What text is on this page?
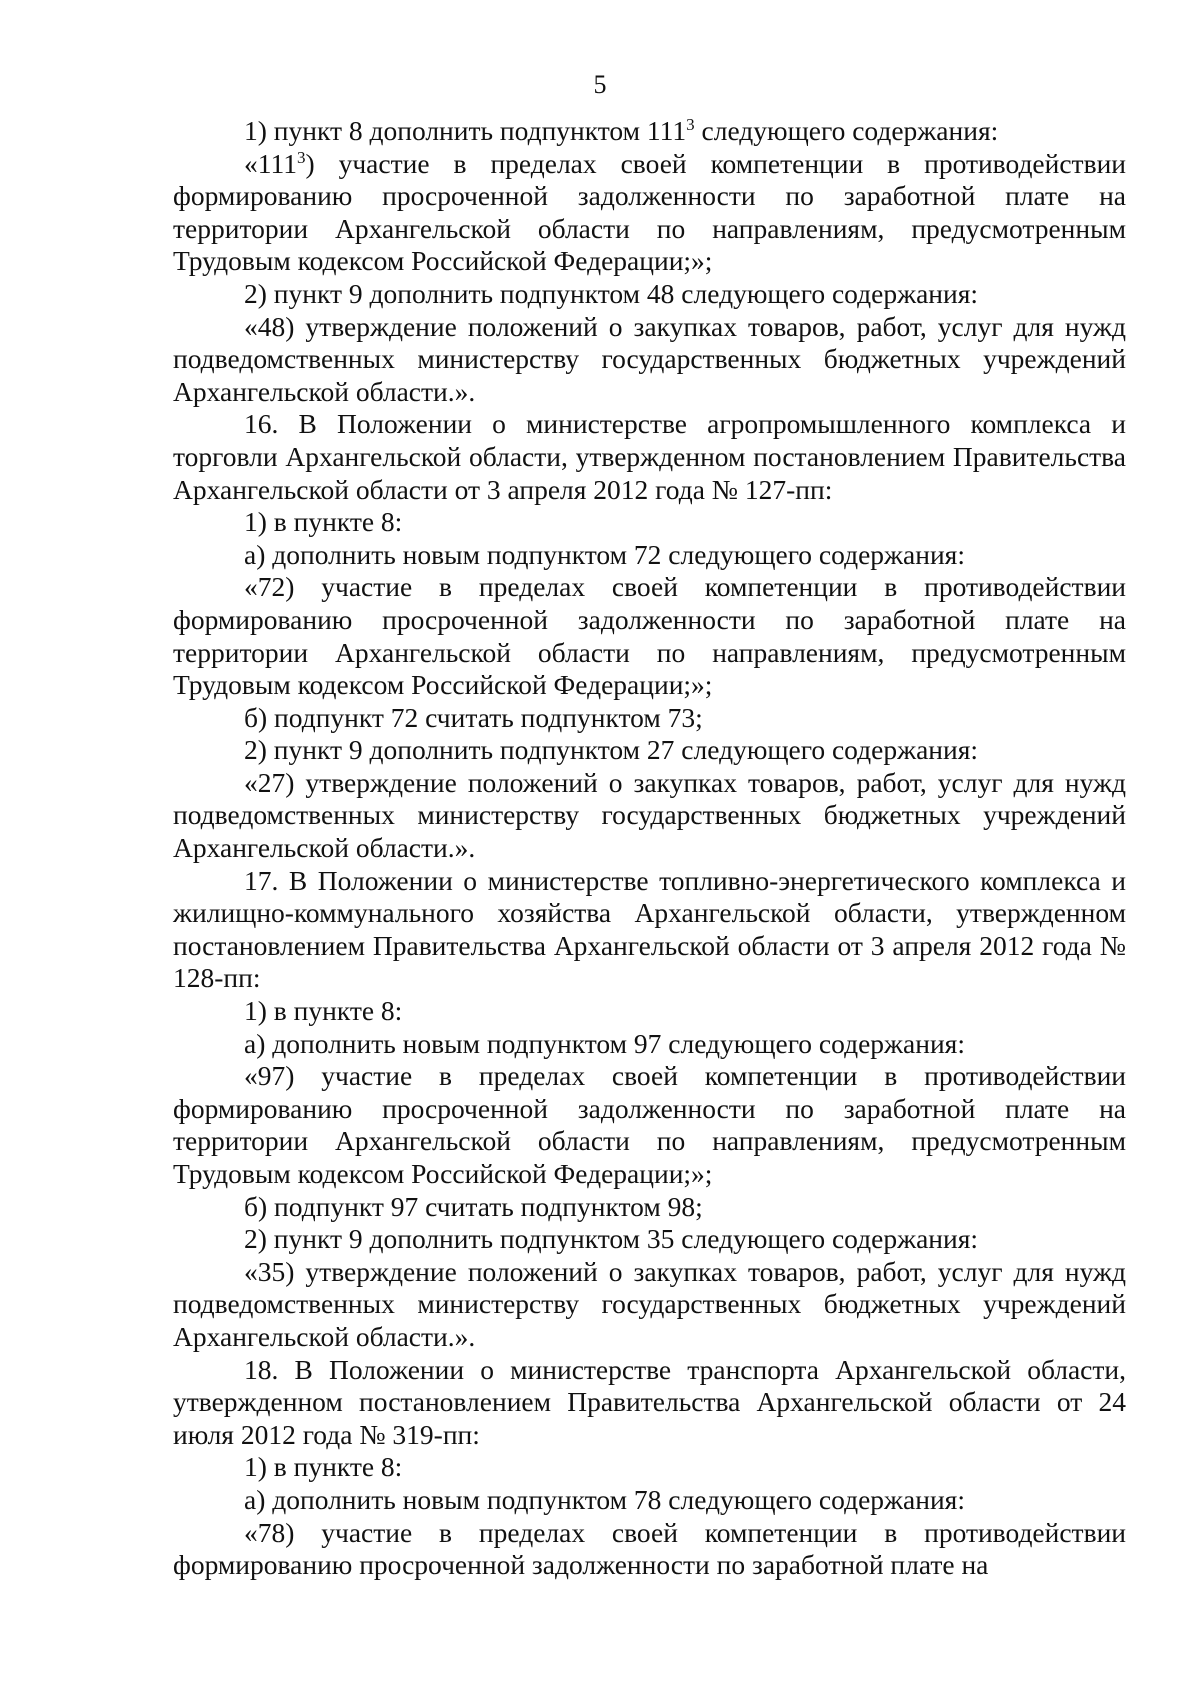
5

1) пункт 8 дополнить подпунктом $111^3$ следующего содержания:

«$111^3$) участие в пределах своей компетенции в противодействии формированию просроченной задолженности по заработной плате на территории Архангельской области по направлениям, предусмотренным Трудовым кодексом Российской Федерации;»;

2) пункт 9 дополнить подпунктом 48 следующего содержания:

«48) утверждение положений о закупках товаров, работ, услуг для нужд подведомственных министерству государственных бюджетных учреждений Архангельской области.».

16. В Положении о министерстве агропромышленного комплекса и торговли Архангельской области, утвержденном постановлением Правительства Архангельской области от 3 апреля 2012 года № 127-пп:

1) в пункте 8:

а) дополнить новым подпунктом 72 следующего содержания:

«72) участие в пределах своей компетенции в противодействии формированию просроченной задолженности по заработной плате на территории Архангельской области по направлениям, предусмотренным Трудовым кодексом Российской Федерации;»;

б) подпункт 72 считать подпунктом 73;

2) пункт 9 дополнить подпунктом 27 следующего содержания:

«27) утверждение положений о закупках товаров, работ, услуг для нужд подведомственных министерству государственных бюджетных учреждений Архангельской области.».

17. В Положении о министерстве топливно-энергетического комплекса и жилищно-коммунального хозяйства Архангельской области, утвержденном постановлением Правительства Архангельской области от 3 апреля 2012 года № 128-пп:

1) в пункте 8:

а) дополнить новым подпунктом 97 следующего содержания:

«97) участие в пределах своей компетенции в противодействии формированию просроченной задолженности по заработной плате на территории Архангельской области по направлениям, предусмотренным Трудовым кодексом Российской Федерации;»;

б) подпункт 97 считать подпунктом 98;

2) пункт 9 дополнить подпунктом 35 следующего содержания:

«35) утверждение положений о закупках товаров, работ, услуг для нужд подведомственных министерству государственных бюджетных учреждений Архангельской области.».

18. В Положении о министерстве транспорта Архангельской области, утвержденном постановлением Правительства Архангельской области от 24 июля 2012 года № 319-пп:

1) в пункте 8:

а) дополнить новым подпунктом 78 следующего содержания:

«78) участие в пределах своей компетенции в противодействии формированию просроченной задолженности по заработной плате на
